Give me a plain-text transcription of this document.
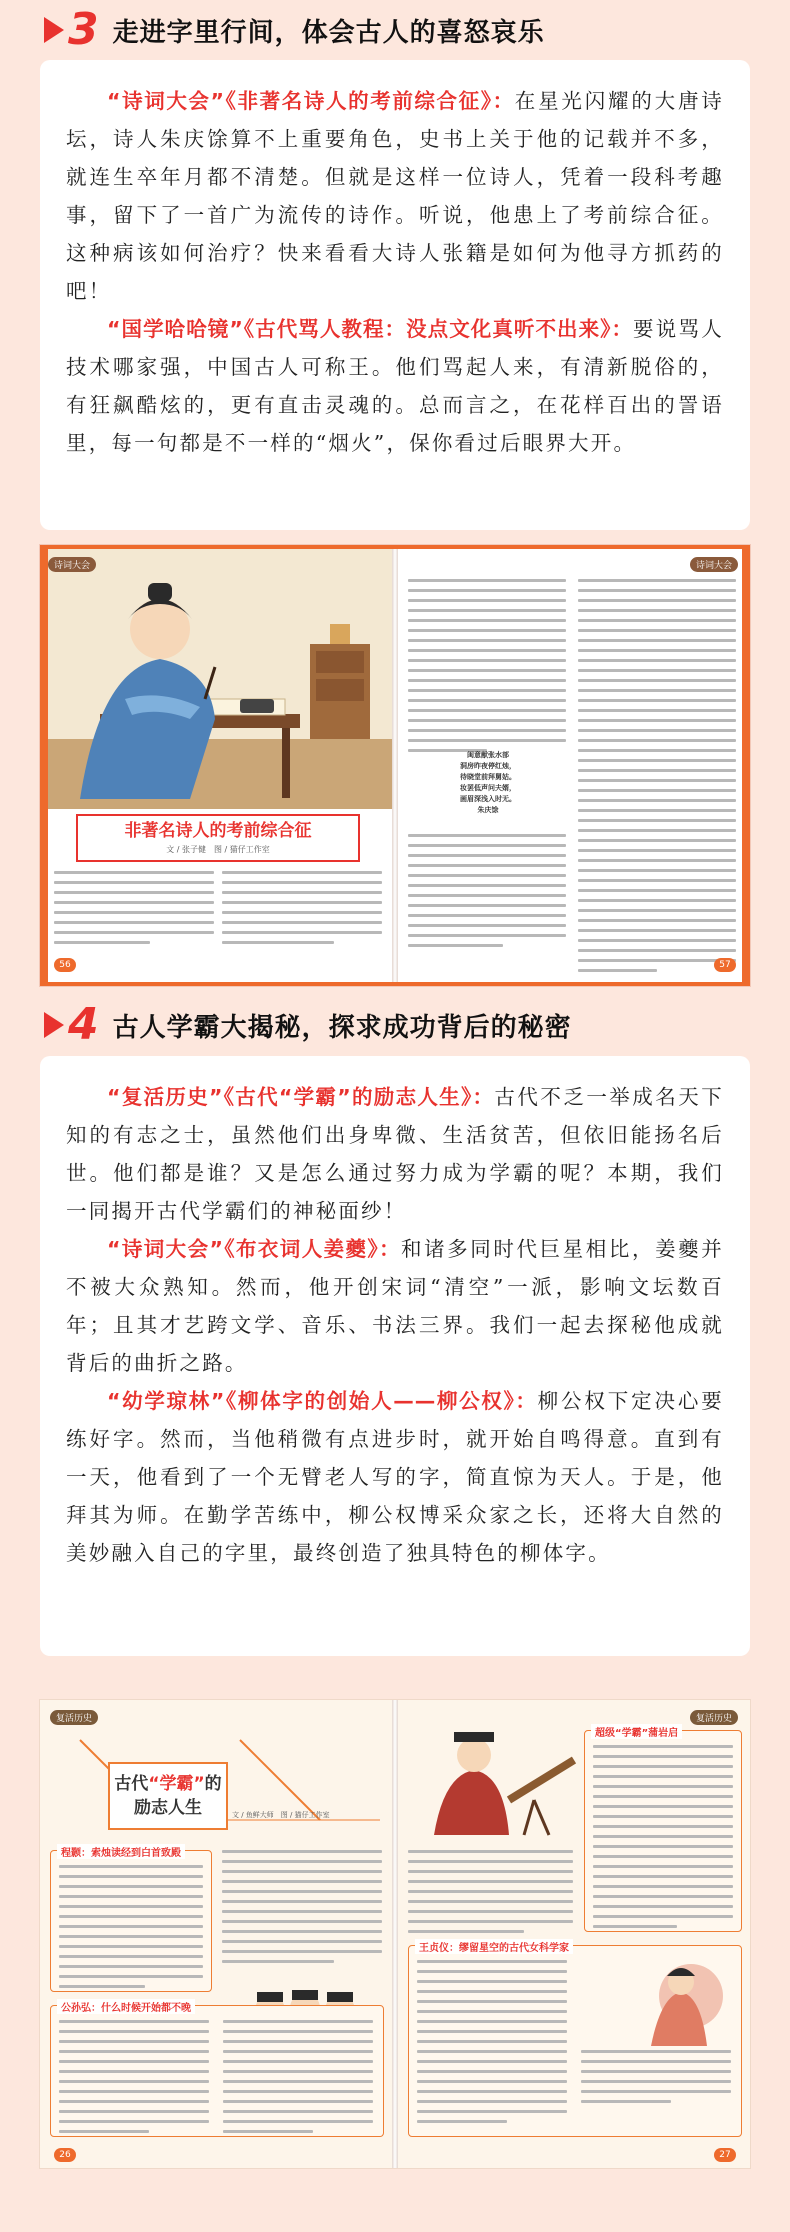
3 走进字里行间，体会古人的喜怒哀乐

“诗词大会”《非著名诗人的考前综合征》：在星光闪耀的大唐诗坛，诗人朱庆馀算不上重要角色，史书上关于他的记载并不多，就连生卒年月都不清楚。但就是这样一位诗人，凭着一段科考趣事，留下了一首广为流传的诗作。听说，他患上了考前综合征。这种病该如何治疗？快来看看大诗人张籍是如何为他寻方抓药的吧！

“国学哈哈镜”《古代骂人教程：没点文化真听不出来》：要说骂人技术哪家强，中国古人可称王。他们骂起人来，有清新脱俗的，有狂飙酷炫的，更有直击灵魂的。总而言之，在花样百出的詈语里，每一句都是不一样的“烟火”，保你看过后眼界大开。

诗词大会
非著名诗人的考前综合征
文 / 张子健　图 / 猫仔工作室
56
诗词大会
闺意献张水部
洞房昨夜停红烛，
待晓堂前拜舅姑。
妆罢低声问夫婿，
画眉深浅入时无。
朱庆馀
57
4 古人学霸大揭秘，探求成功背后的秘密

“复活历史”《古代“学霸”的励志人生》：古代不乏一举成名天下知的有志之士，虽然他们出身卑微、生活贫苦，但依旧能扬名后世。他们都是谁？又是怎么通过努力成为学霸的呢？本期，我们一同揭开古代学霸们的神秘面纱！

“诗词大会”《布衣词人姜夔》：和诸多同时代巨星相比，姜夔并不被大众熟知。然而，他开创宋词“清空”一派，影响文坛数百年；且其才艺跨文学、音乐、书法三界。我们一起去探秘他成就背后的曲折之路。

“幼学琼林”《柳体字的创始人——柳公权》：柳公权下定决心要练好字。然而，当他稍微有点进步时，就开始自鸣得意。直到有一天，他看到了一个无臂老人写的字，简直惊为天人。于是，他拜其为师。在勤学苦练中，柳公权博采众家之长，还将大自然的美妙融入自己的字里，最终创造了独具特色的柳体字。

复活历史
古代“学霸”的
励志人生	文 / 鱼鲜大师　图 / 猫仔工作室
程颢：索烛读经到白首致殿
公孙弘：什么时候开始都不晚
26
复活历史
超级“学霸”蒲岩启
王贞仪：缪留星空的古代女科学家
27
